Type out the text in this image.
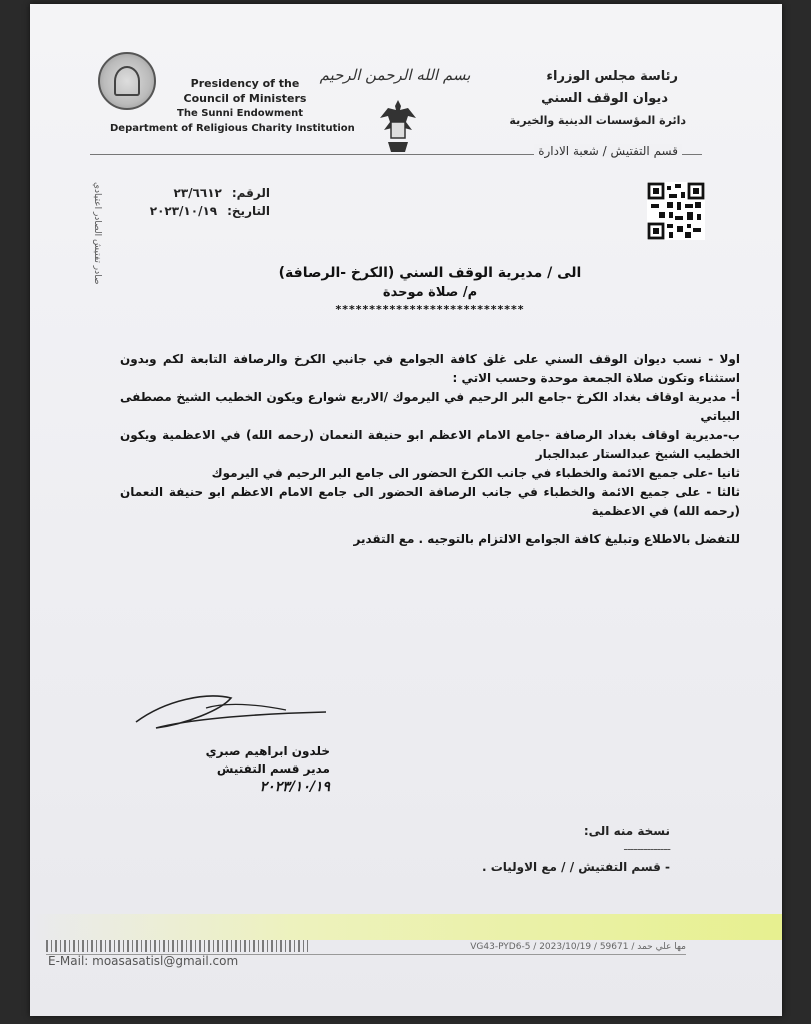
Presidency of the
Council of Ministers
The Sunni Endowment
Department of Religious Charity Institution
بسم الله الرحمن الرحيم	رئاسة مجلس الوزراء
ديوان الوقف السني
دائرة المؤسسات الدينية والخيرية
قسم التفتيش / شعبة الادارة
صادر تفتيش الصادر اعتيادي	الرقم:
٢٣/٦٦١٢
التاريخ:
٢٠٢٣/١٠/١٩
الى / مديرية الوقف السني (الكرخ -الرصافة)
م/ صلاة موحدة
****************************

اولا - نسب ديوان الوقف السني على غلق كافة الجوامع في جانبي الكرخ والرصافة التابعة لكم وبدون استثناء وتكون صلاة الجمعة موحدة وحسب الاتي :

أ- مديرية اوقاف بغداد الكرخ -جامع البر الرحيم في اليرموك /الاربع شوارع ويكون الخطيب الشيخ مصطفى البياتي

ب-مديرية اوقاف بغداد الرصافة -جامع الامام الاعظم ابو حنيفة النعمان (رحمه الله) في الاعظمية ويكون الخطيب الشيخ عبدالستار عبدالجبار

ثانيا -على جميع الائمة والخطباء في جانب الكرخ الحضور الى جامع البر الرحيم في اليرموك

ثالثا - على جميع الائمة والخطباء في جانب الرصافة الحضور الى جامع الامام الاعظم ابو حنيفة النعمان (رحمه الله) في الاعظمية

للتفضل بالاطلاع وتبليغ كافة الجوامع الالتزام بالتوجيه . مع التقدير
خلدون ابراهيم صبري
مدير قسم التفتيش
٢٠٢٣/١٠/١٩
نسخة منه الى:
--------------
- قسم التفتيش / / مع الاوليات .
VG43-PYD6-5 / 2023/10/19 / مها علي حمد / 59671
E-Mail: moasasatisl@gmail.com
